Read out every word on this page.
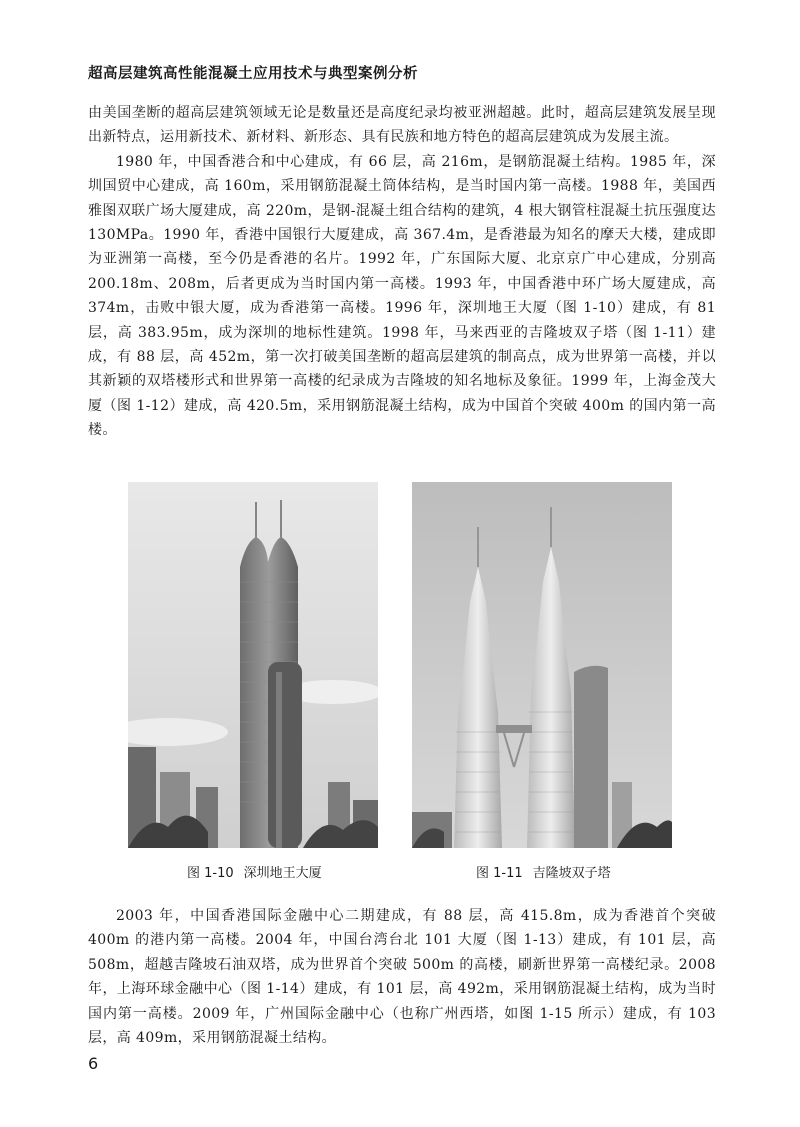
超高层建筑高性能混凝土应用技术与典型案例分析

由美国垄断的超高层建筑领域无论是数量还是高度纪录均被亚洲超越。此时，超高层建筑发展呈现出新特点，运用新技术、新材料、新形态、具有民族和地方特色的超高层建筑成为发展主流。

1980 年，中国香港合和中心建成，有 66 层，高 216m，是钢筋混凝土结构。1985 年，深圳国贸中心建成，高 160m，采用钢筋混凝土筒体结构，是当时国内第一高楼。1988 年，美国西雅图双联广场大厦建成，高 220m，是钢-混凝土组合结构的建筑，4 根大钢管柱混凝土抗压强度达 130MPa。1990 年，香港中国银行大厦建成，高 367.4m，是香港最为知名的摩天大楼，建成即为亚洲第一高楼，至今仍是香港的名片。1992 年，广东国际大厦、北京京广中心建成，分别高 200.18m、208m，后者更成为当时国内第一高楼。1993 年，中国香港中环广场大厦建成，高 374m，击败中银大厦，成为香港第一高楼。1996 年，深圳地王大厦（图 1-10）建成，有 81 层，高 383.95m，成为深圳的地标性建筑。1998 年，马来西亚的吉隆坡双子塔（图 1-11）建成，有 88 层，高 452m，第一次打破美国垄断的超高层建筑的制高点，成为世界第一高楼，并以其新颖的双塔楼形式和世界第一高楼的纪录成为吉隆坡的知名地标及象征。1999 年，上海金茂大厦（图 1-12）建成，高 420.5m，采用钢筋混凝土结构，成为中国首个突破 400m 的国内第一高楼。

图 1-10 深圳地王大厦	图 1-11 吉隆坡双子塔

2003 年，中国香港国际金融中心二期建成，有 88 层，高 415.8m，成为香港首个突破 400m 的港内第一高楼。2004 年，中国台湾台北 101 大厦（图 1-13）建成，有 101 层，高 508m，超越吉隆坡石油双塔，成为世界首个突破 500m 的高楼，刷新世界第一高楼纪录。2008 年，上海环球金融中心（图 1-14）建成，有 101 层，高 492m，采用钢筋混凝土结构，成为当时国内第一高楼。2009 年，广州国际金融中心（也称广州西塔，如图 1-15 所示）建成，有 103 层，高 409m，采用钢筋混凝土结构。

6
